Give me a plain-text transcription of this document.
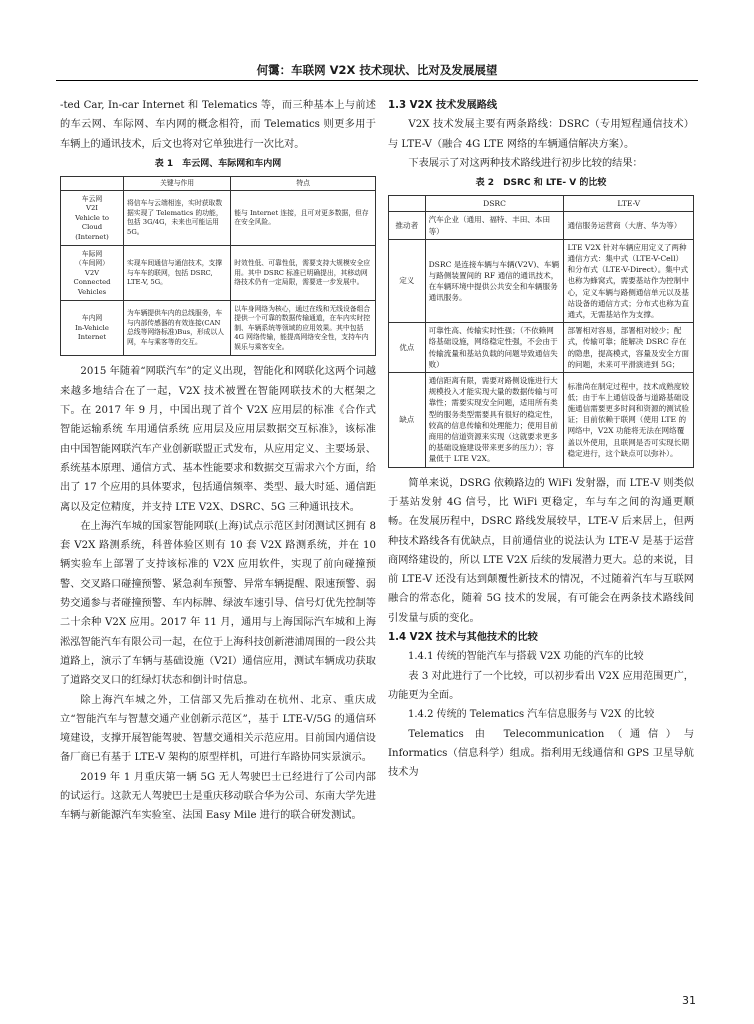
何霭：车联网 V2X 技术现状、比对及发展展望

-ted Car, In-car Internet 和 Telematics 等，而三种基本上与前述的车云网、车际网、车内网的概念相符，而 Telematics 则更多用于车辆上的通讯技术，后文也将对它单独进行一次比对。

表 1　车云网、车际网和车内网
	关键与作用	特点
车云网
V2I
Vehicle to Cloud
(Internet)	将信车与云端相连，实时获取数据实现了 Telematics 的功能，包括 3G/4G，未来也可能运用 5G。	能与 Internet 连接，且可对更多数据，但存在安全风险。
车际网
（车间网）
V2V
Connected Vehicles	实现车间通信与通信技术，支撑与车车的联网，包括 DSRC, LTE-V, 5G。	时效性低、可靠性低，需要支持大规模安全应用。其中 DSRC 标准已明确提出，其移动网络技术仍有一定局限，需要进一步发展中。
车内网
In-Vehicle Internet	为车辆提供车内的总线服务，车与内部传感器的有效连接(CAN 总线等网络标准)Bus，形成以人网，车与乘客等的交互。	以车身网络为核心，通过在线和无线设备组合提供一个可靠的数据传输通道，在车内实时控制、车辆系统等领域的应用效果。其中包括 4G 网络传输，能提高网络安全性，支持车内娱乐与乘客安全。

2015 年随着“网联汽车”的定义出现，智能化和网联化这两个词越来越多地结合在了一起，V2X 技术被置在智能网联技术的大框架之下。在 2017 年 9 月，中国出现了首个 V2X 应用层的标准《合作式智能运输系统 车用通信系统 应用层及应用层数据交互标准》，该标准由中国智能网联汽车产业创新联盟正式发布，从应用定义、主要场景、系统基本原理、通信方式、基本性能要求和数据交互需求六个方面，给出了 17 个应用的具体要求，包括通信频率、类型、最大时延、通信距离以及定位精度，并支持 LTE V2X、DSRC、5G 三种通讯技术。

在上海汽车城的国家智能网联(上海)试点示范区封闭测试区拥有 8 套 V2X 路测系统，科普体验区则有 10 套 V2X 路测系统，并在 10 辆实验车上部署了支持该标准的 V2X 应用软件，实现了前向碰撞预警、交叉路口碰撞预警、紧急刹车预警、异常车辆提醒、限速预警、弱势交通参与者碰撞预警、车内标牌、绿波车速引导、信号灯优先控制等二十余种 V2X 应用。2017 年 11 月，通用与上海国际汽车城和上海淞泓智能汽车有限公司一起，在位于上海科技创新港浦周围的一段公共道路上，演示了车辆与基础设施（V2I）通信应用，测试车辆成功获取了道路交叉口的红绿灯状态和倒计时信息。

除上海汽车城之外，工信部又先后推动在杭州、北京、重庆成立“智能汽车与智慧交通产业创新示范区”，基于 LTE-V/5G 的通信环境建设，支撑开展智能驾驶、智慧交通相关示范应用。目前国内通信设备厂商已有基于 LTE-V 架构的原型样机，可进行车路协同实景演示。

2019 年 1 月重庆第一辆 5G 无人驾驶巴士已经进行了公司内部的试运行。这款无人驾驶巴士是重庆移动联合华为公司、东南大学先进车辆与新能源汽车实验室、法国 Easy Mile 进行的联合研发测试。

1.3 V2X 技术发展路线

V2X 技术发展主要有两条路线：DSRC（专用短程通信技术）与 LTE-V（融合 4G LTE 网络的车辆通信解决方案）。

下表展示了对这两种技术路线进行初步比较的结果：

表 2　DSRC 和 LTE- V 的比较
	DSRC	LTE-V
推动者	汽车企业（通用、福特、丰田、本田等）	通信服务运营商（大唐、华为等）
定义	DSRC 是连接车辆与车辆(V2V)、车辆与路侧装置间的 RF 通信的通讯技术，在车辆环境中提供公共安全和车辆服务通讯服务。	LTE V2X 针对车辆应用定义了两种通信方式：集中式（LTE-V-Cell）和分布式（LTE-V-Direct）。集中式也称为蜂窝式，需要基站作为控制中心，定义车辆与路侧通信单元以及基站设备的通信方式；分布式也称为直通式，无需基站作为支撑。
优点	可靠性高、传输实时性强；（不依赖网络基础设施，网络稳定性强，不会由于传输流量和基站负载的问题导致通信失败）	部署相对容易，部署相对较少；配式，传输可靠；能解决 DSRC 存在的隐患，提高模式，容量及安全方面的问题，未来可平滑演进到 5G；
缺点	通信距离有限，需要对路侧设施进行大规模投入才能实现大量的数据传输与可靠性；需要实现安全问题，适用所有类型的服务类型需要具有很好的稳定性，较高的信息传输和处理能力；使用目前商用的信道资源来实现（这就要求更多的基础设施建设带来更多的压力）；容量低于 LTE V2X。	标准尚在制定过程中，技术成熟度较低；由于车上通信设备与道路基础设施通信需要更多时间和资源的测试验证；目前依赖于联网（使用 LTE 的网络中，V2X 功能将无法在网络覆盖以外使用，且联网是否可实现长期稳定进行，这个缺点可以弥补）。

简单来说，DSRG 依赖路边的 WiFi 发射器，而 LTE-V 则类似于基站发射 4G 信号，比 WiFi 更稳定，车与车之间的沟通更顺畅。在发展历程中，DSRC 路线发展较早，LTE-V 后来居上，但两种技术路线各有优缺点，目前通信业的说法认为 LTE-V 是基于运营商网络建设的，所以 LTE V2X 后续的发展潜力更大。总的来说，目前 LTE-V 还没有达到颠覆性新技术的情况，不过随着汽车与互联网融合的常态化，随着 5G 技术的发展，有可能会在两条技术路线间引发量与质的变化。

1.4 V2X 技术与其他技术的比较
1.4.1 传统的智能汽车与搭载 V2X 功能的汽车的比较

表 3 对此进行了一个比较，可以初步看出 V2X 应用范围更广，功能更为全面。

1.4.2 传统的 Telematics 汽车信息服务与 V2X 的比较

Telematics 由 Telecommunication（通信）与 Informatics（信息科学）组成。指利用无线通信和 GPS 卫星导航技术为

31
